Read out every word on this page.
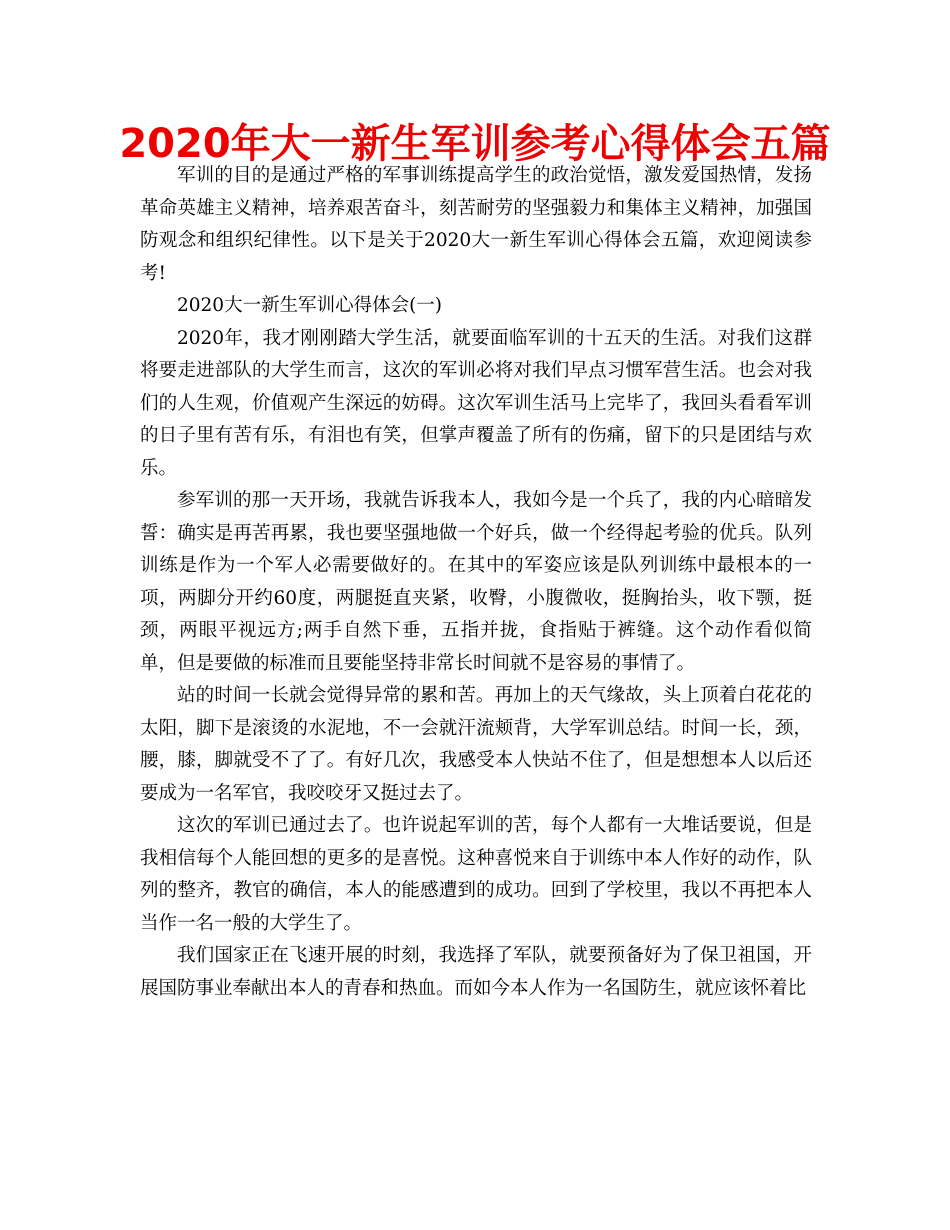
2020年大一新生军训参考心得体会五篇

军训的目的是通过严格的军事训练提高学生的政治觉悟，激发爱国热情，发扬革命英雄主义精神，培养艰苦奋斗，刻苦耐劳的坚强毅力和集体主义精神，加强国防观念和组织纪律性。以下是关于2020大一新生军训心得体会五篇，欢迎阅读参考!

2020大一新生军训心得体会(一)

2020年，我才刚刚踏大学生活，就要面临军训的十五天的生活。对我们这群将要走进部队的大学生而言，这次的军训必将对我们早点习惯军营生活。也会对我们的人生观，价值观产生深远的妨碍。这次军训生活马上完毕了，我回头看看军训的日子里有苦有乐，有泪也有笑，但掌声覆盖了所有的伤痛，留下的只是团结与欢乐。

参军训的那一天开场，我就告诉我本人，我如今是一个兵了，我的内心暗暗发誓：确实是再苦再累，我也要坚强地做一个好兵，做一个经得起考验的优兵。队列训练是作为一个军人必需要做好的。在其中的军姿应该是队列训练中最根本的一项，两脚分开约60度，两腿挺直夹紧，收臀，小腹微收，挺胸抬头，收下颚，挺颈，两眼平视远方;两手自然下垂，五指并拢，食指贴于裤缝。这个动作看似简单，但是要做的标准而且要能坚持非常长时间就不是容易的事情了。

站的时间一长就会觉得异常的累和苦。再加上的天气缘故，头上顶着白花花的太阳，脚下是滚烫的水泥地，不一会就汗流颊背，大学军训总结。时间一长，颈，腰，膝，脚就受不了了。有好几次，我感受本人快站不住了，但是想想本人以后还要成为一名军官，我咬咬牙又挺过去了。

这次的军训已通过去了。也许说起军训的苦，每个人都有一大堆话要说，但是我相信每个人能回想的更多的是喜悦。这种喜悦来自于训练中本人作好的动作，队列的整齐，教官的确信，本人的能感遭到的成功。回到了学校里，我以不再把本人当作一名一般的大学生了。

我们国家正在飞速开展的时刻，我选择了军队，就要预备好为了保卫祖国，开展国防事业奉献出本人的青春和热血。而如今本人作为一名国防生，就应该怀着比
